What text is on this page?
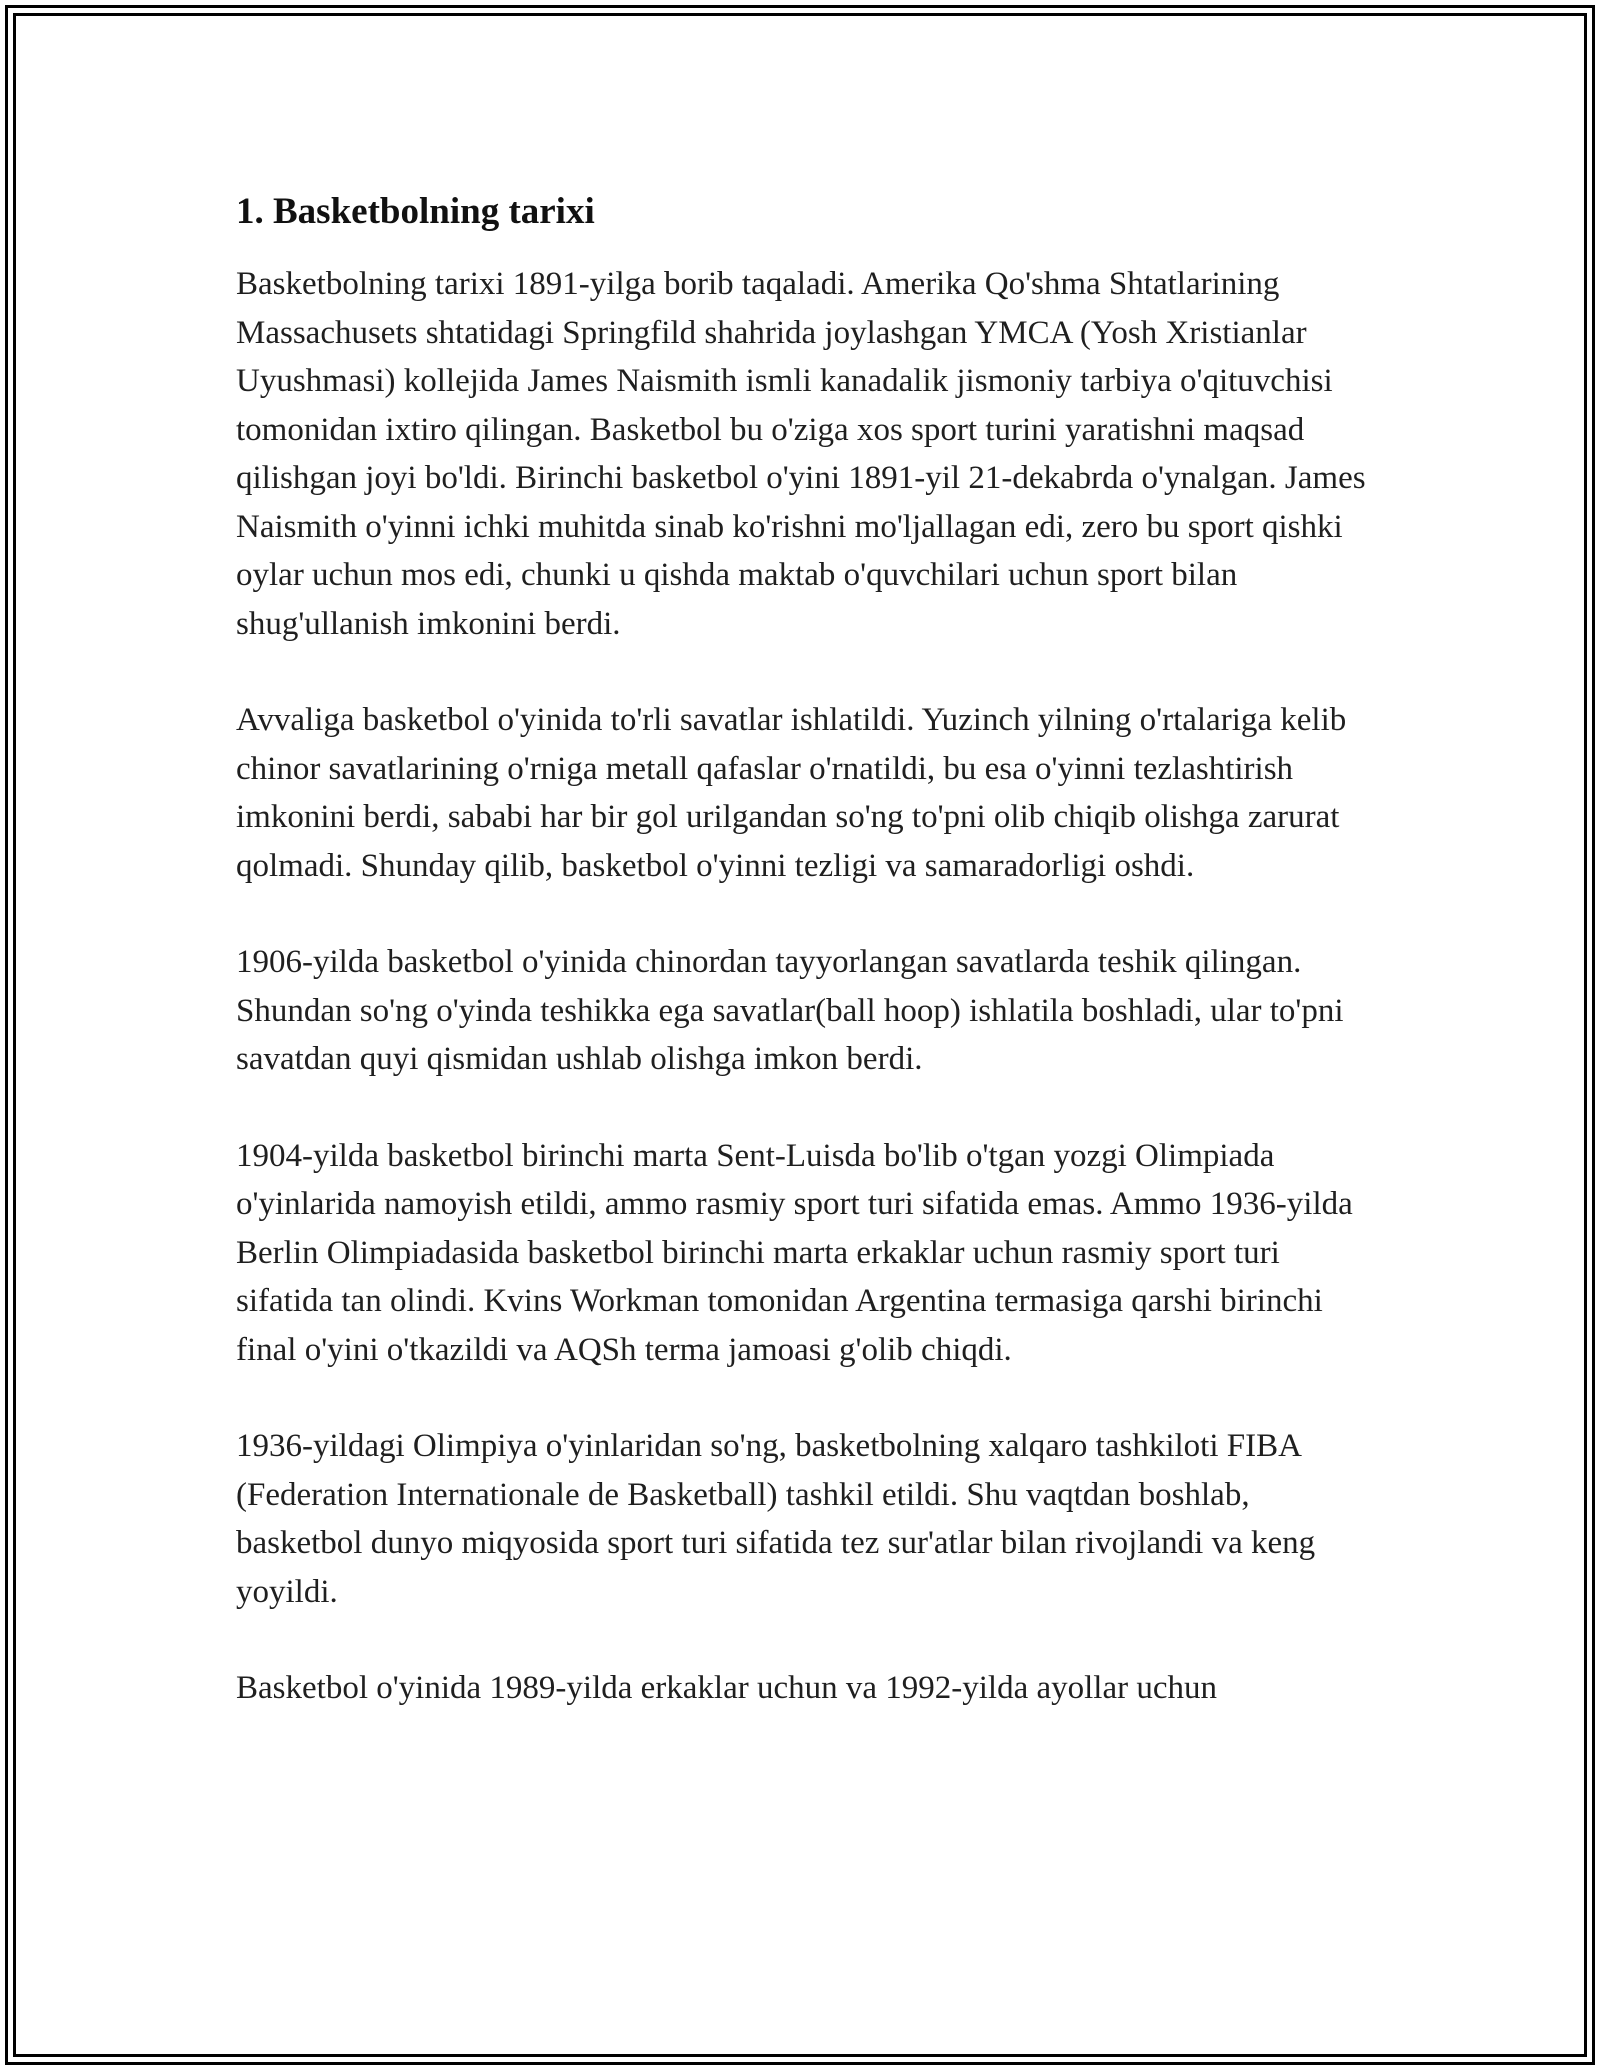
1. Basketbolning tarixi

Basketbolning tarixi 1891-yilga borib taqaladi. Amerika Qo'shma Shtatlarining Massachusets shtatidagi Springfild shahrida joylashgan YMCA (Yosh Xristianlar Uyushmasi) kollejida James Naismith ismli kanadalik jismoniy tarbiya o'qituvchisi tomonidan ixtiro qilingan. Basketbol bu o'ziga xos sport turini yaratishni maqsad qilishgan joyi bo'ldi. Birinchi basketbol o'yini 1891-yil 21-dekabrda o'ynalgan. James Naismith o'yinni ichki muhitda sinab ko'rishni mo'ljallagan edi, zero bu sport qishki oylar uchun mos edi, chunki u qishda maktab o'quvchilari uchun sport bilan shug'ullanish imkonini berdi.

Avvaliga basketbol o'yinida to'rli savatlar ishlatildi. Yuzinch yilning o'rtalariga kelib chinor savatlarining o'rniga metall qafaslar o'rnatildi, bu esa o'yinni tezlashtirish imkonini berdi, sababi har bir gol urilgandan so'ng to'pni olib chiqib olishga zarurat qolmadi. Shunday qilib, basketbol o'yinni tezligi va samaradorligi oshdi.

1906-yilda basketbol o'yinida chinordan tayyorlangan savatlarda teshik qilingan. Shundan so'ng o'yinda teshikka ega savatlar(ball hoop) ishlatila boshladi, ular to'pni savatdan quyi qismidan ushlab olishga imkon berdi.

1904-yilda basketbol birinchi marta Sent-Luisda bo'lib o'tgan yozgi Olimpiada o'yinlarida namoyish etildi, ammo rasmiy sport turi sifatida emas. Ammo 1936-yilda Berlin Olimpiadasida basketbol birinchi marta erkaklar uchun rasmiy sport turi sifatida tan olindi. Kvins Workman tomonidan Argentina termasiga qarshi birinchi final o'yini o'tkazildi va AQSh terma jamoasi g'olib chiqdi.

1936-yildagi Olimpiya o'yinlaridan so'ng, basketbolning xalqaro tashkiloti FIBA (Federation Internationale de Basketball) tashkil etildi. Shu vaqtdan boshlab, basketbol dunyo miqyosida sport turi sifatida tez sur'atlar bilan rivojlandi va keng yoyildi.

Basketbol o'yinida 1989-yilda erkaklar uchun va 1992-yilda ayollar uchun
